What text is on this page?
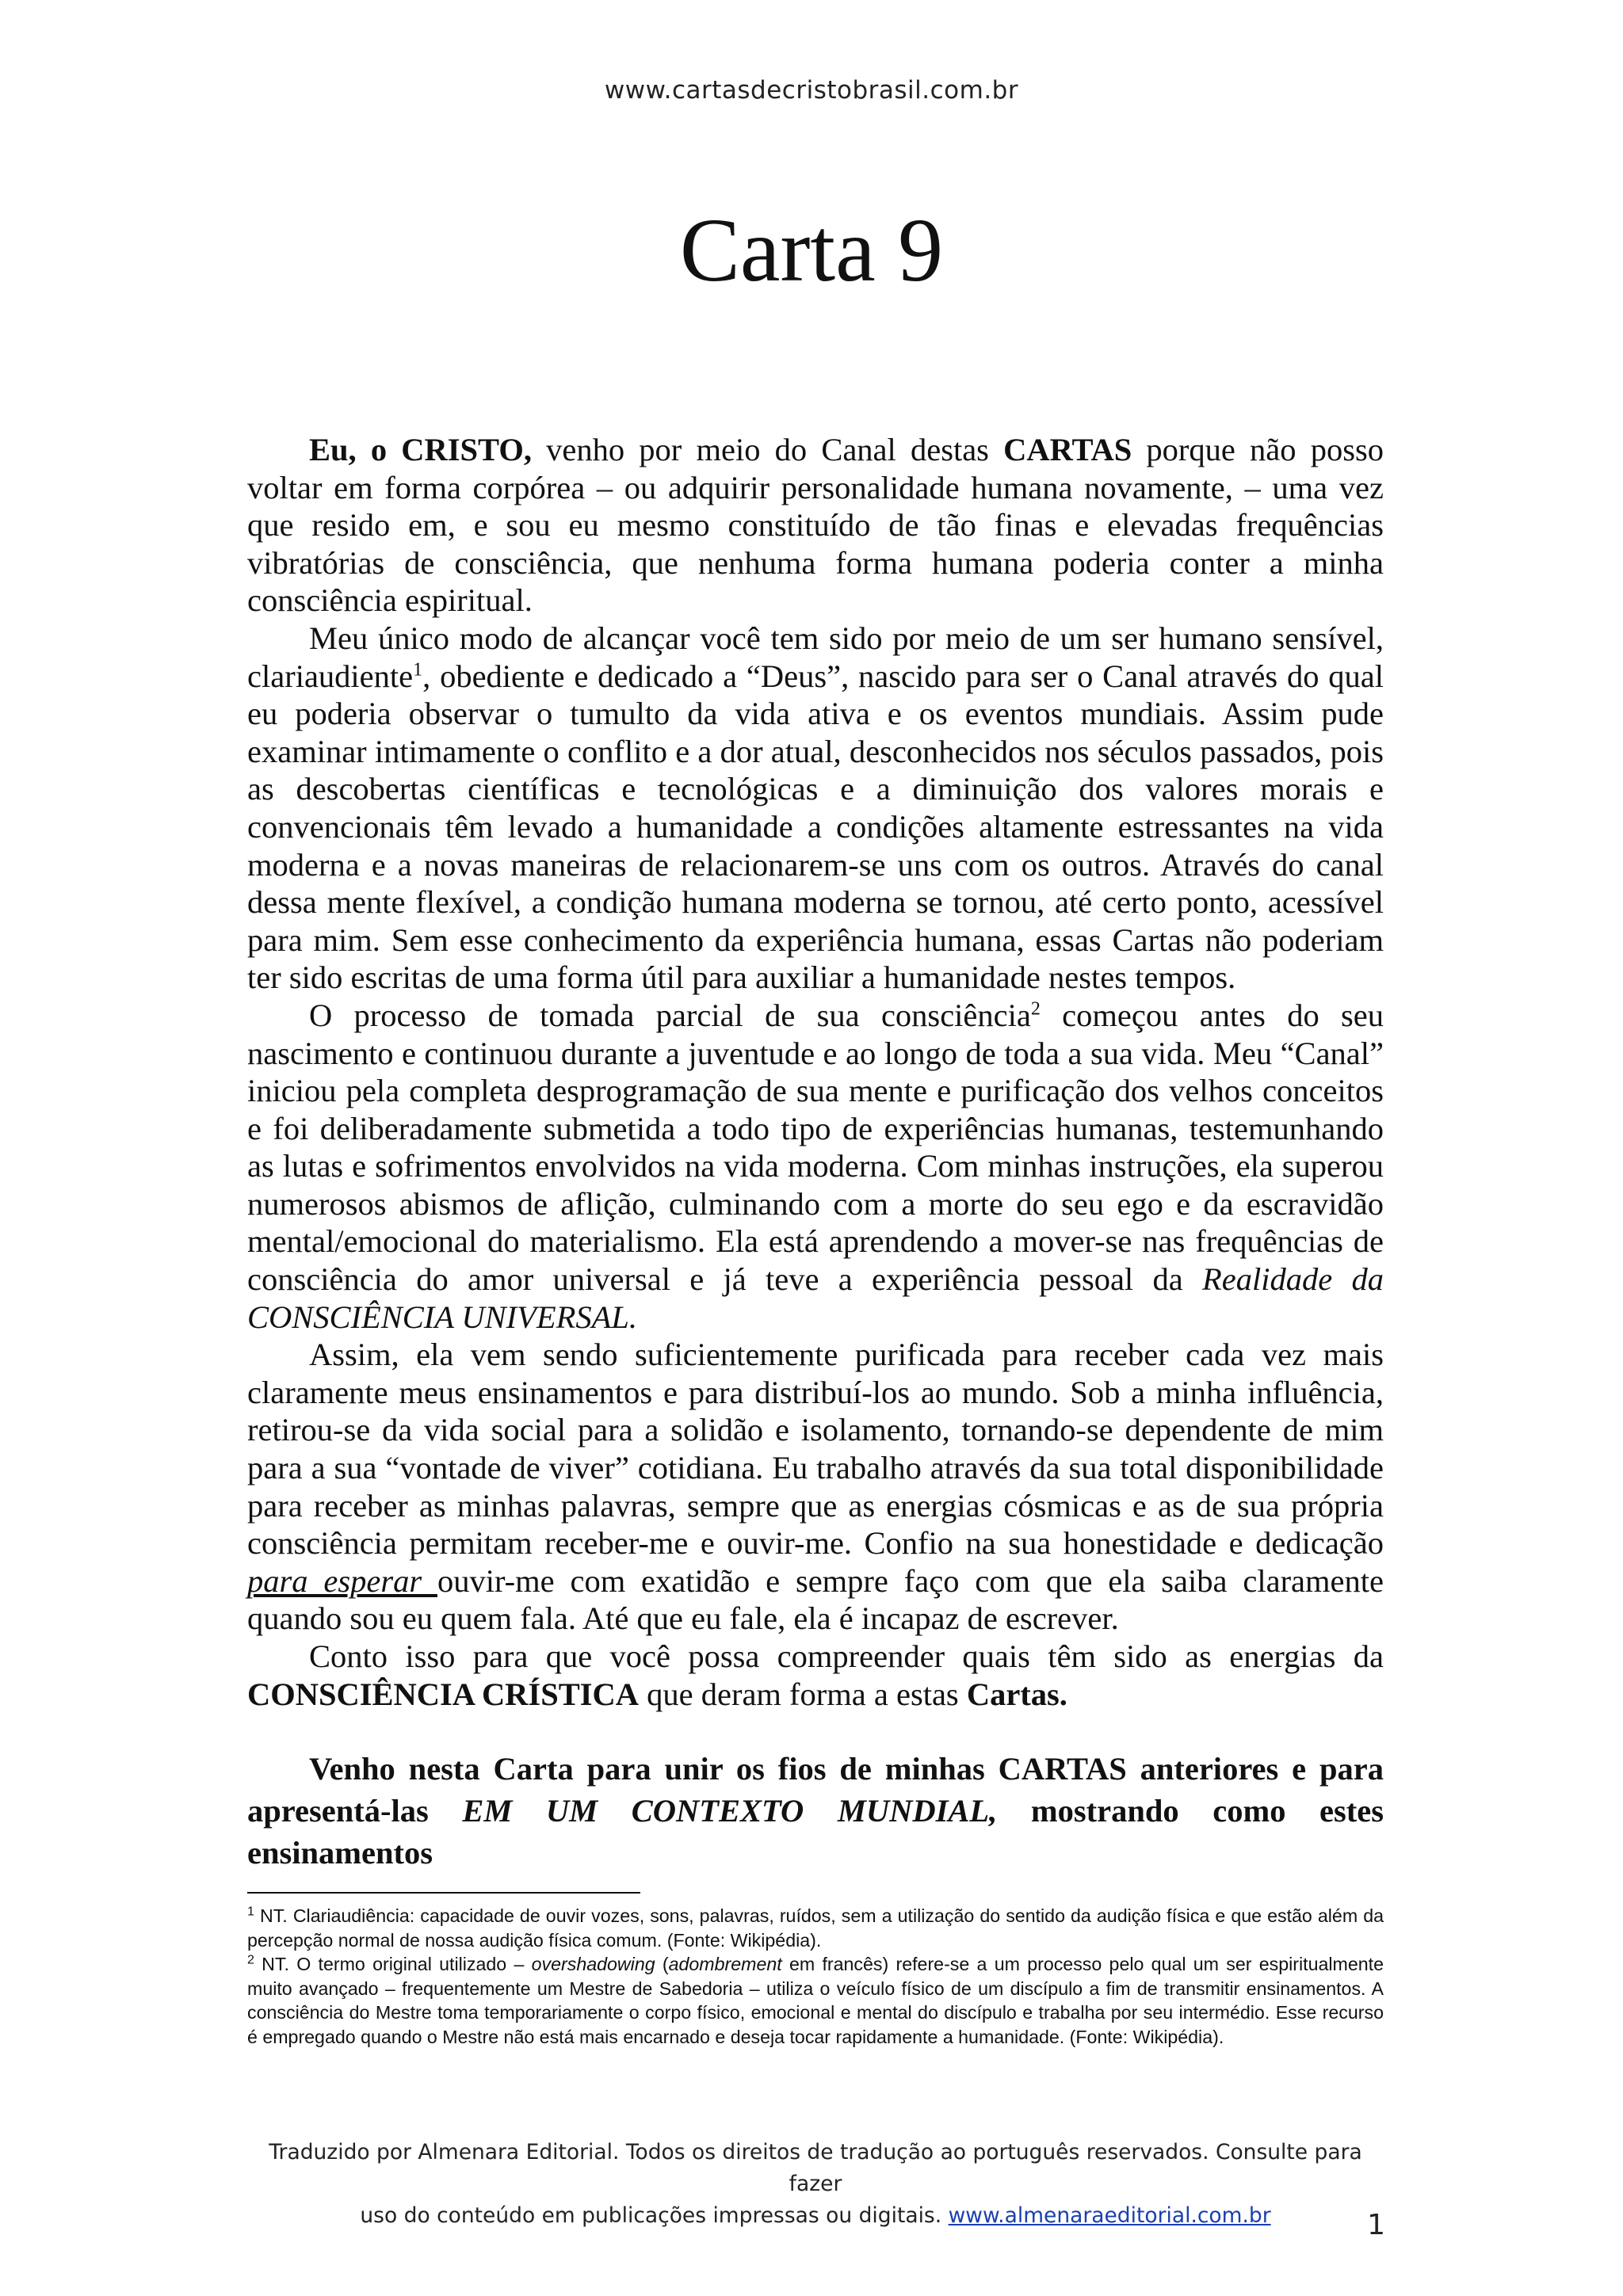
www.cartasdecristobrasil.com.br
Carta 9

Eu, o CRISTO, venho por meio do Canal destas CARTAS porque não posso voltar em forma corpórea – ou adquirir personalidade humana novamente, – uma vez que resido em, e sou eu mesmo constituído de tão finas e elevadas frequências vibratórias de consciência, que nenhuma forma humana poderia conter a minha consciência espiritual.

Meu único modo de alcançar você tem sido por meio de um ser humano sensível, clariaudiente$^1$, obediente e dedicado a “Deus”, nascido para ser o Canal através do qual eu poderia observar o tumulto da vida ativa e os eventos mundiais. Assim pude examinar intimamente o conflito e a dor atual, desconhecidos nos séculos passados, pois as descobertas científicas e tecnológicas e a diminuição dos valores morais e convencionais têm levado a humanidade a condições altamente estressantes na vida moderna e a novas maneiras de relacionarem-se uns com os outros. Através do canal dessa mente flexível, a condição humana moderna se tornou, até certo ponto, acessível para mim. Sem esse conhecimento da experiência humana, essas Cartas não poderiam ter sido escritas de uma forma útil para auxiliar a humanidade nestes tempos.

O processo de tomada parcial de sua consciência$^2$ começou antes do seu nascimento e continuou durante a juventude e ao longo de toda a sua vida. Meu “Canal” iniciou pela completa desprogramação de sua mente e purificação dos velhos conceitos e foi deliberadamente submetida a todo tipo de experiências humanas, testemunhando as lutas e sofrimentos envolvidos na vida moderna. Com minhas instruções, ela superou numerosos abismos de aflição, culminando com a morte do seu ego e da escravidão mental/emocional do materialismo. Ela está aprendendo a mover-se nas frequências de consciência do amor universal e já teve a experiência pessoal da Realidade da CONSCIÊNCIA UNIVERSAL.

Assim, ela vem sendo suficientemente purificada para receber cada vez mais claramente meus ensinamentos e para distribuí-los ao mundo. Sob a minha influência, retirou-se da vida social para a solidão e isolamento, tornando-se dependente de mim para a sua “vontade de viver” cotidiana. Eu trabalho através da sua total disponibilidade para receber as minhas palavras, sempre que as energias cósmicas e as de sua própria consciência permitam receber-me e ouvir-me. Confio na sua honestidade e dedicação para esperar ouvir-me com exatidão e sempre faço com que ela saiba claramente quando sou eu quem fala. Até que eu fale, ela é incapaz de escrever.

Conto isso para que você possa compreender quais têm sido as energias da CONSCIÊNCIA CRÍSTICA que deram forma a estas Cartas.

Venho nesta Carta para unir os fios de minhas CARTAS anteriores e para apresentá-las EM UM CONTEXTO MUNDIAL, mostrando como estes ensinamentos

$^1$ NT. Clariaudiência: capacidade de ouvir vozes, sons, palavras, ruídos, sem a utilização do sentido da audição física e que estão além da percepção normal de nossa audição física comum. (Fonte: Wikipédia).

$^2$ NT. O termo original utilizado – overshadowing (adombrement em francês) refere-se a um processo pelo qual um ser espiritualmente muito avançado – frequentemente um Mestre de Sabedoria – utiliza o veículo físico de um discípulo a fim de transmitir ensinamentos. A consciência do Mestre toma temporariamente o corpo físico, emocional e mental do discípulo e trabalha por seu intermédio. Esse recurso é empregado quando o Mestre não está mais encarnado e deseja tocar rapidamente a humanidade. (Fonte: Wikipédia).

Traduzido por Almenara Editorial. Todos os direitos de tradução ao português reservados. Consulte para fazer
uso do conteúdo em publicações impressas ou digitais. www.almenaraeditorial.com.br	1
